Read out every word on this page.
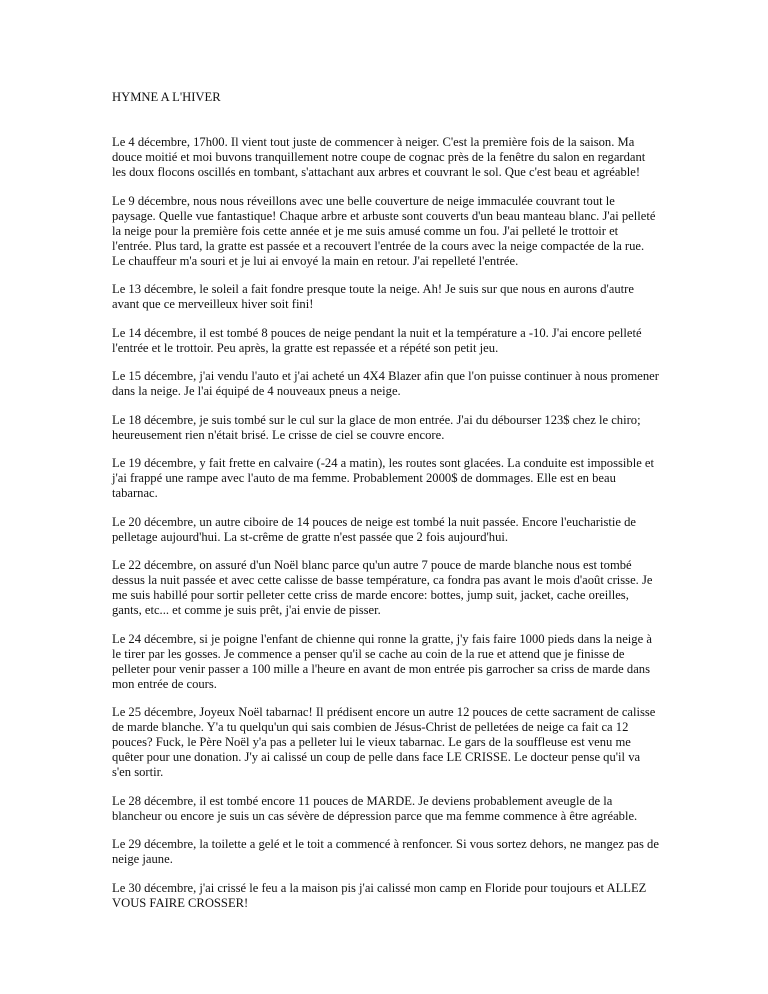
HYMNE A L'HIVER

Le 4 décembre, 17h00. Il vient tout juste de commencer à neiger. C'est la première fois de la saison. Ma douce moitié et moi buvons tranquillement notre coupe de cognac près de la fenêtre du salon en regardant les doux flocons oscillés en tombant, s'attachant aux arbres et couvrant le sol. Que c'est beau et agréable!

Le 9 décembre, nous nous réveillons avec une belle couverture de neige immaculée couvrant tout le paysage. Quelle vue fantastique! Chaque arbre et arbuste sont couverts d'un beau manteau blanc. J'ai pelleté la neige pour la première fois cette année et je me suis amusé comme un fou. J'ai pelleté le trottoir et l'entrée. Plus tard, la gratte est passée et a recouvert l'entrée de la cours avec la neige compactée de la rue. Le chauffeur m'a souri et je lui ai envoyé la main en retour. J'ai repelleté l'entrée.

Le 13 décembre, le soleil a fait fondre presque toute la neige. Ah! Je suis sur que nous en aurons d'autre avant que ce merveilleux hiver soit fini!

Le 14 décembre, il est tombé 8 pouces de neige pendant la nuit et la température a -10. J'ai encore pelleté l'entrée et le trottoir. Peu après, la gratte est repassée et a répété son petit jeu.

Le 15 décembre, j'ai vendu l'auto et j'ai acheté un 4X4 Blazer afin que l'on puisse continuer à nous promener dans la neige. Je l'ai équipé de 4 nouveaux pneus a neige.

Le 18 décembre, je suis tombé sur le cul sur la glace de mon entrée. J'ai du débourser 123$ chez le chiro; heureusement rien n'était brisé. Le crisse de ciel se couvre encore.

Le 19 décembre, y fait frette en calvaire (-24 a matin), les routes sont glacées. La conduite est impossible et j'ai frappé une rampe avec l'auto de ma femme. Probablement 2000$ de dommages. Elle est en beau tabarnac.

Le 20 décembre, un autre ciboire de 14 pouces de neige est tombé la nuit passée. Encore l'eucharistie de pelletage aujourd'hui. La st-crême de gratte n'est passée que 2 fois aujourd'hui.

Le 22 décembre, on assuré d'un Noël blanc parce qu'un autre 7 pouce de marde blanche nous est tombé dessus la nuit passée et avec cette calisse de basse température, ca fondra pas avant le mois d'août crisse. Je me suis habillé pour sortir pelleter cette criss de marde encore: bottes, jump suit, jacket, cache oreilles, gants, etc... et comme je suis prêt, j'ai envie de pisser.

Le 24 décembre, si je poigne l'enfant de chienne qui ronne la gratte, j'y fais faire 1000 pieds dans la neige à le tirer par les gosses. Je commence a penser qu'il se cache au coin de la rue et attend que je finisse de pelleter pour venir passer a 100 mille a l'heure en avant de mon entrée pis garrocher sa criss de marde dans mon entrée de cours.

Le 25 décembre, Joyeux Noël tabarnac! Il prédisent encore un autre 12 pouces de cette sacrament de calisse de marde blanche. Y'a tu quelqu'un qui sais combien de Jésus-Christ de pelletées de neige ca fait ca 12 pouces? Fuck, le Père Noël y'a pas a pelleter lui le vieux tabarnac. Le gars de la souffleuse est venu me quêter pour une donation. J'y ai calissé un coup de pelle dans face LE CRISSE. Le docteur pense qu'il va s'en sortir.

Le 28 décembre, il est tombé encore 11 pouces de MARDE. Je deviens probablement aveugle de la blancheur ou encore je suis un cas sévère de dépression parce que ma femme commence à être agréable.

Le 29 décembre, la toilette a gelé et le toit a commencé à renfoncer. Si vous sortez dehors, ne mangez pas de neige jaune.

Le 30 décembre, j'ai crissé le feu a la maison pis j'ai calissé mon camp en Floride pour toujours et ALLEZ VOUS FAIRE CROSSER!
